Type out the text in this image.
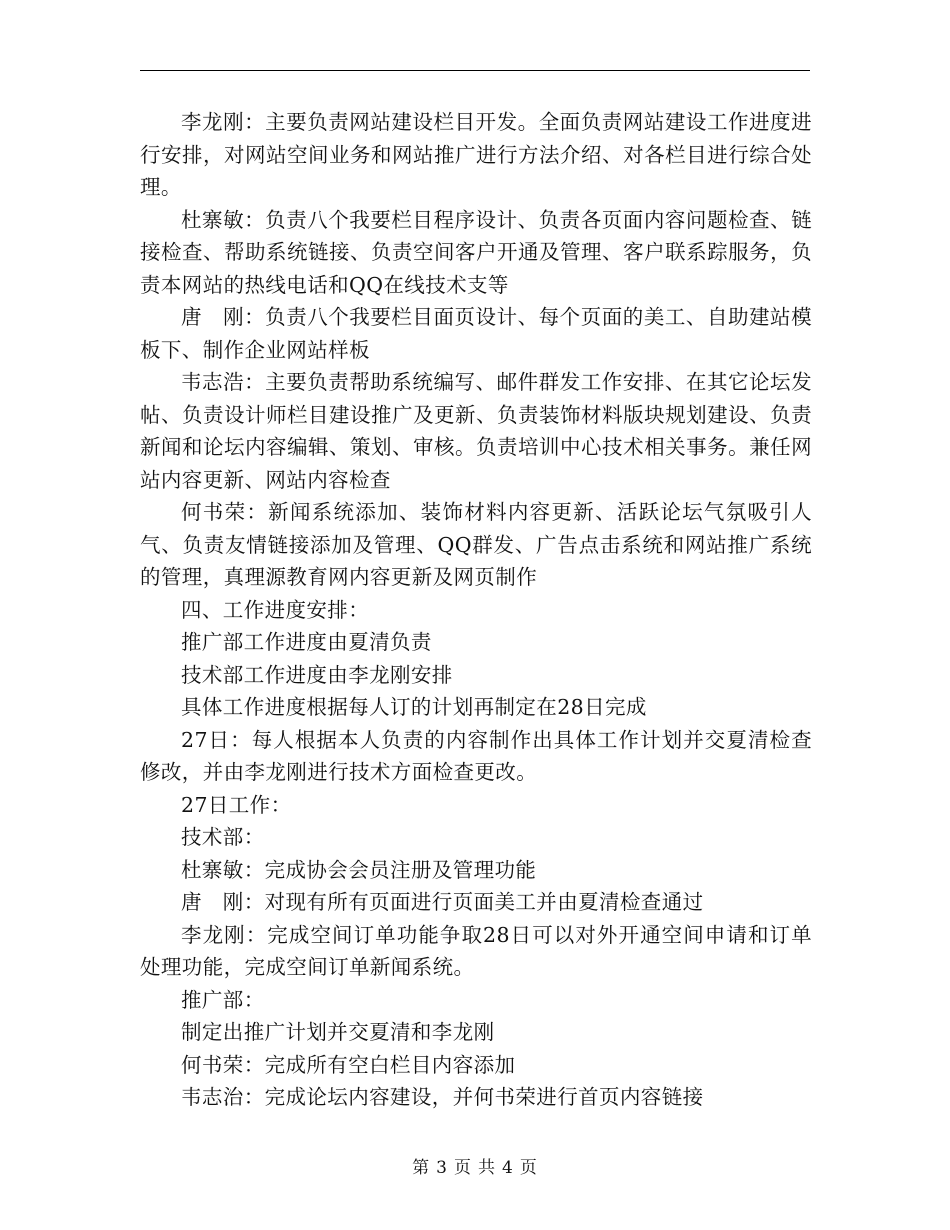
李龙刚：主要负责网站建设栏目开发。全面负责网站建设工作进度进行安排，对网站空间业务和网站推广进行方法介绍、对各栏目进行综合处理。

杜寨敏：负责八个我要栏目程序设计、负责各页面内容问题检查、链接检查、帮助系统链接、负责空间客户开通及管理、客户联系踪服务，负责本网站的热线电话和QQ在线技术支等

唐　刚：负责八个我要栏目面页设计、每个页面的美工、自助建站模板下、制作企业网站样板

韦志浩：主要负责帮助系统编写、邮件群发工作安排、在其它论坛发帖、负责设计师栏目建设推广及更新、负责装饰材料版块规划建设、负责新闻和论坛内容编辑、策划、审核。负责培训中心技术相关事务。兼任网站内容更新、网站内容检查

何书荣：新闻系统添加、装饰材料内容更新、活跃论坛气氛吸引人气、负责友情链接添加及管理、QQ群发、广告点击系统和网站推广系统的管理，真理源教育网内容更新及网页制作

四、工作进度安排：

推广部工作进度由夏清负责

技术部工作进度由李龙刚安排

具体工作进度根据每人订的计划再制定在28日完成

27日：每人根据本人负责的内容制作出具体工作计划并交夏清检查修改，并由李龙刚进行技术方面检查更改。

27日工作：

技术部：

杜寨敏：完成协会会员注册及管理功能

唐　刚：对现有所有页面进行页面美工并由夏清检查通过

李龙刚：完成空间订单功能争取28日可以对外开通空间申请和订单处理功能，完成空间订单新闻系统。

推广部：

制定出推广计划并交夏清和李龙刚

何书荣：完成所有空白栏目内容添加

韦志治：完成论坛内容建设，并何书荣进行首页内容链接

第 3 页 共 4 页
